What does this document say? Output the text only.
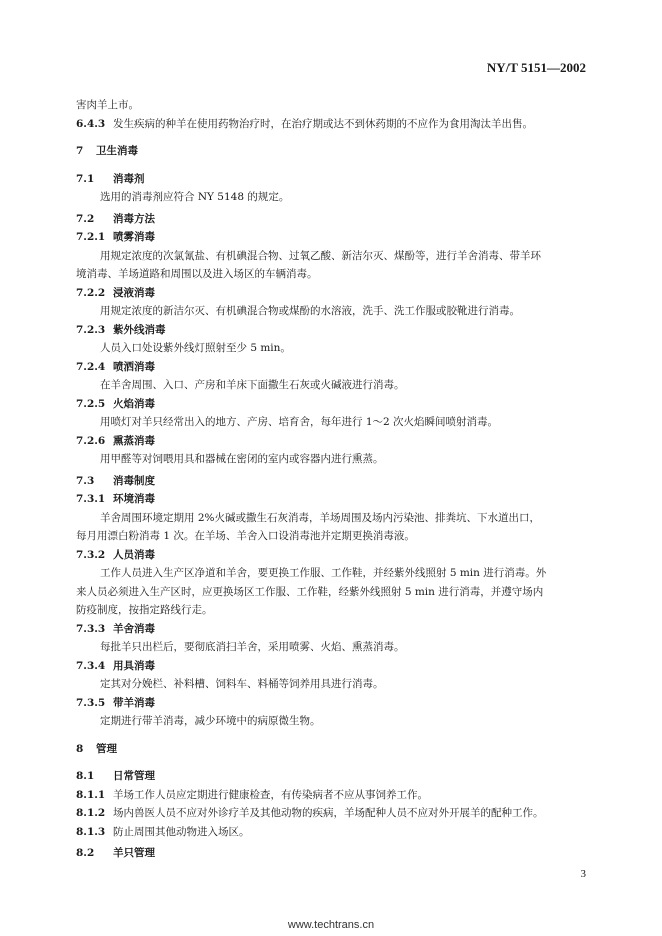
NY/T 5151—2002
害肉羊上市。
6.4.3 发生疾病的种羊在使用药物治疗时，在治疗期或达不到休药期的不应作为食用淘汰羊出售。
7 卫生消毒
7.1 消毒剂
选用的消毒剂应符合 NY 5148 的规定。
7.2 消毒方法
7.2.1 喷雾消毒
用规定浓度的次氯氰盐、有机碘混合物、过氧乙酸、新洁尔灭、煤酚等，进行羊舍消毒、带羊环
境消毒、羊场道路和周围以及进入场区的车辆消毒。
7.2.2 浸液消毒
用规定浓度的新洁尔灭、有机碘混合物或煤酚的水溶液，洗手、洗工作服或胶靴进行消毒。
7.2.3 紫外线消毒
人员入口处设紫外线灯照射至少 5 min。
7.2.4 喷洒消毒
在羊舍周围、入口、产房和羊床下面撒生石灰或火碱液进行消毒。
7.2.5 火焰消毒
用喷灯对羊只经常出入的地方、产房、培育舍，每年进行 1～2 次火焰瞬间喷射消毒。
7.2.6 熏蒸消毒
用甲醛等对饲喂用具和器械在密闭的室内或容器内进行熏蒸。
7.3 消毒制度
7.3.1 环境消毒
羊舍周围环境定期用 2%火碱或撒生石灰消毒，羊场周围及场内污染池、排粪坑、下水道出口，
每月用漂白粉消毒 1 次。在羊场、羊舍入口设消毒池并定期更换消毒液。
7.3.2 人员消毒
工作人员进入生产区净道和羊舍，要更换工作服、工作鞋，并经紫外线照射 5 min 进行消毒。外
来人员必须进入生产区时，应更换场区工作服、工作鞋，经紫外线照射 5 min 进行消毒，并遵守场内
防疫制度，按指定路线行走。
7.3.3 羊舍消毒
每批羊只出栏后，要彻底消扫羊舍，采用喷雾、火焰、熏蒸消毒。
7.3.4 用具消毒
定其对分娩栏、补料槽、饲料车、料桶等饲养用具进行消毒。
7.3.5 带羊消毒
定期进行带羊消毒，减少环境中的病原微生物。
8 管理
8.1 日常管理
8.1.1 羊场工作人员应定期进行健康检查，有传染病者不应从事饲养工作。
8.1.2 场内兽医人员不应对外诊疗羊及其他动物的疾病，羊场配种人员不应对外开展羊的配种工作。
8.1.3 防止周围其他动物进入场区。
8.2 羊只管理
3
www.techtrans.cn
